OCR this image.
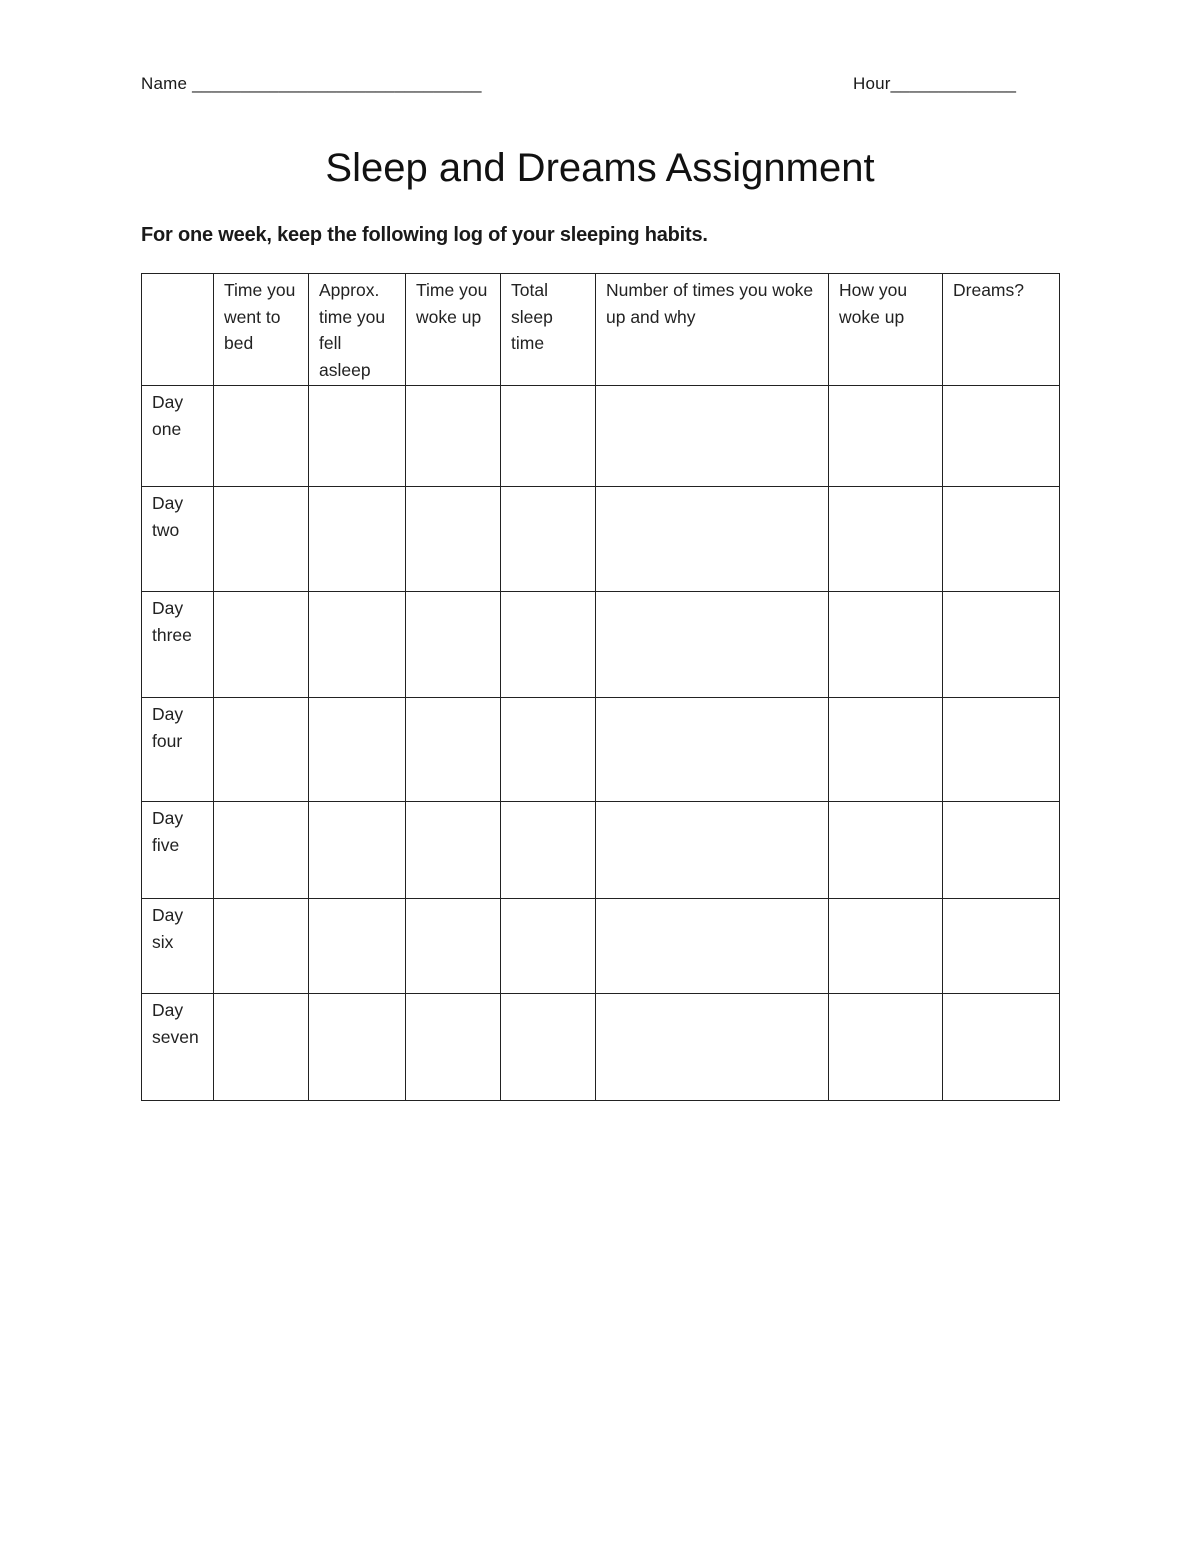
Name ______________________________	Hour_____________
Sleep and Dreams Assignment

For one week, keep the following log of your sleeping habits.

	Time you went to bed	Approx. time you fell asleep	Time you woke up	Total sleep time	Number of times you woke up and why	How you woke up	Dreams?
Day one							
Day two							
Day three							
Day four							
Day five							
Day six							
Day seven							
